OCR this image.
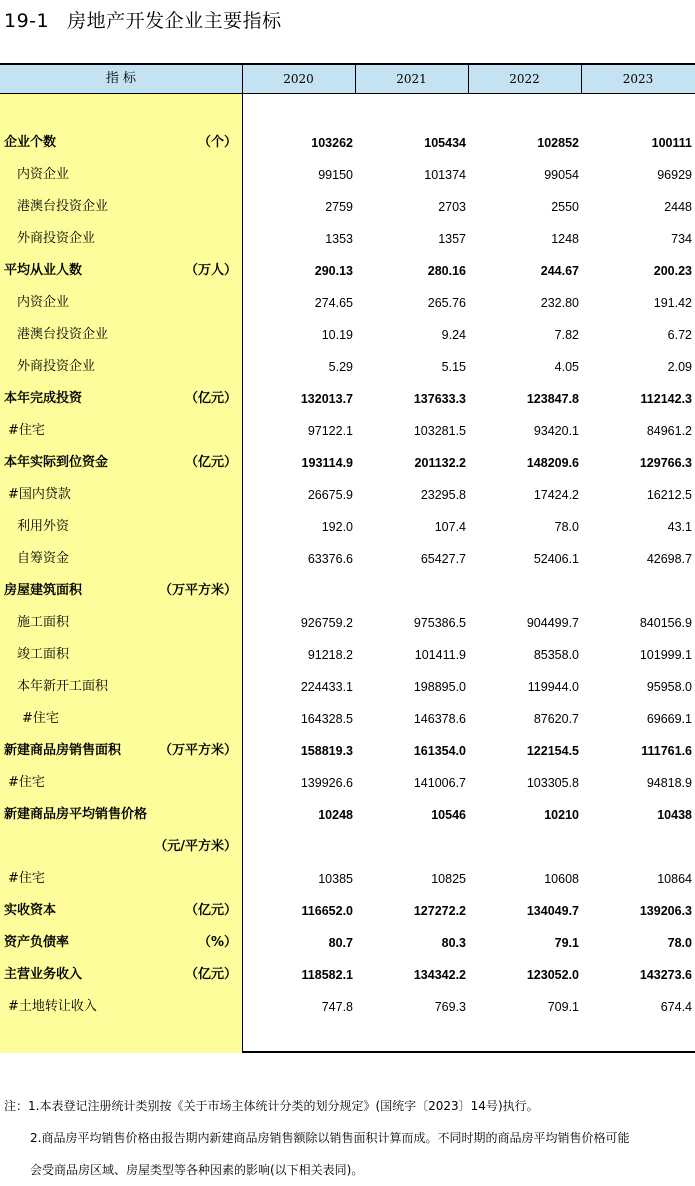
19-1 房地产开发企业主要指标
指 标	2020	2021	2022	2023
企业个数	（个）	103262	105434	102852	100111
内资企业	99150	101374	99054	96929
港澳台投资企业	2759	2703	2550	2448
外商投资企业	1353	1357	1248	734
平均从业人数	（万人）	290.13	280.16	244.67	200.23
内资企业	274.65	265.76	232.80	191.42
港澳台投资企业	10.19	9.24	7.82	6.72
外商投资企业	5.29	5.15	4.05	2.09
本年完成投资	（亿元）	132013.7	137633.3	123847.8	112142.3
#住宅	97122.1	103281.5	93420.1	84961.2
本年实际到位资金	（亿元）	193114.9	201132.2	148209.6	129766.3
#国内贷款	26675.9	23295.8	17424.2	16212.5
利用外资	192.0	107.4	78.0	43.1
自筹资金	63376.6	65427.7	52406.1	42698.7
房屋建筑面积	（万平方米）
施工面积	926759.2	975386.5	904499.7	840156.9
竣工面积	91218.2	101411.9	85358.0	101999.1
本年新开工面积	224433.1	198895.0	119944.0	95958.0
#住宅	164328.5	146378.6	87620.7	69669.1
新建商品房销售面积	（万平方米）	158819.3	161354.0	122154.5	111761.6
#住宅	139926.6	141006.7	103305.8	94818.9
新建商品房平均销售价格	10248	10546	10210	10438
（元/平方米）
#住宅	10385	10825	10608	10864
实收资本	（亿元）	116652.0	127272.2	134049.7	139206.3
资产负债率	（%）	80.7	80.3	79.1	78.0
主营业务收入	（亿元）	118582.1	134342.2	123052.0	143273.6
#土地转让收入	747.8	769.3	709.1	674.4
注：1.本表登记注册统计类别按《关于市场主体统计分类的划分规定》(国统字〔2023〕14号)执行。
2.商品房平均销售价格由报告期内新建商品房销售额除以销售面积计算而成。不同时期的商品房平均销售价格可能
会受商品房区域、房屋类型等各种因素的影响(以下相关表同)。
